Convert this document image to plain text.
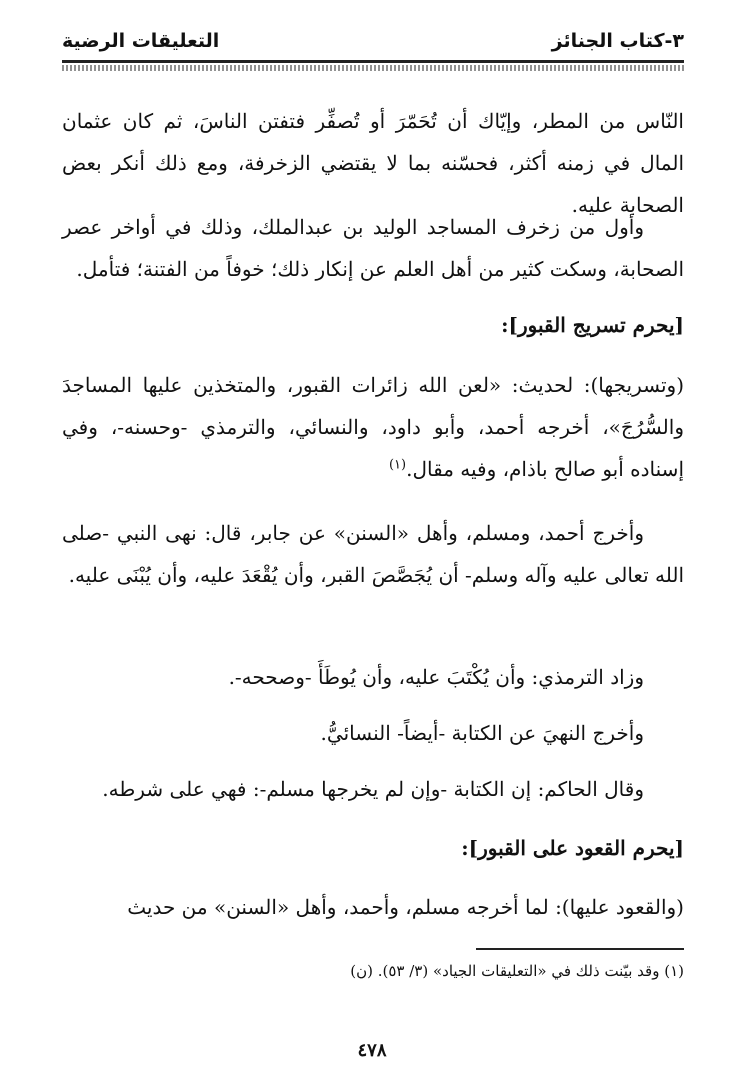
٣-كتاب الجنائز
التعليقات الرضية

النّاس من المطر، وإيّاك أن تُحَمّرَ أو تُصفِّر فتفتن الناسَ، ثم كان عثمان المال في زمنه أكثر، فحسّنه بما لا يقتضي الزخرفة، ومع ذلك أنكر بعض الصحابة عليه.

وأول من زخرف المساجد الوليد بن عبدالملك، وذلك في أواخر عصر الصحابة، وسكت كثير من أهل العلم عن إنكار ذلك؛ خوفاً من الفتنة؛ فتأمل.

[يحرم تسريج القبور]:

(وتسريجها): لحديث: «لعن الله زائرات القبور، والمتخذين عليها المساجدَ والسُّرُجَ»، أخرجه أحمد، وأبو داود، والنسائي، والترمذي -وحسنه-، وفي إسناده أبو صالح باذام، وفيه مقال.$^{(١)}$

وأخرج أحمد، ومسلم، وأهل «السنن» عن جابر، قال: نهى النبي -صلى الله تعالى عليه وآله وسلم- أن يُجَصَّصَ القبر، وأن يُقْعَدَ عليه، وأن يُبْنَى عليه.

وزاد الترمذي: وأن يُكْتَبَ عليه، وأن يُوطَأَ -وصححه-.

وأخرج النهيَ عن الكتابة -أيضاً- النسائيُّ.

وقال الحاكم: إن الكتابة -وإن لم يخرجها مسلم-: فهي على شرطه.

[يحرم القعود على القبور]:

(والقعود عليها): لما أخرجه مسلم، وأحمد، وأهل «السنن» من حديث

(١) وقد بيّنت ذلك في «التعليقات الجياد» (٣/ ٥٣). (ن)
٤٧٨
